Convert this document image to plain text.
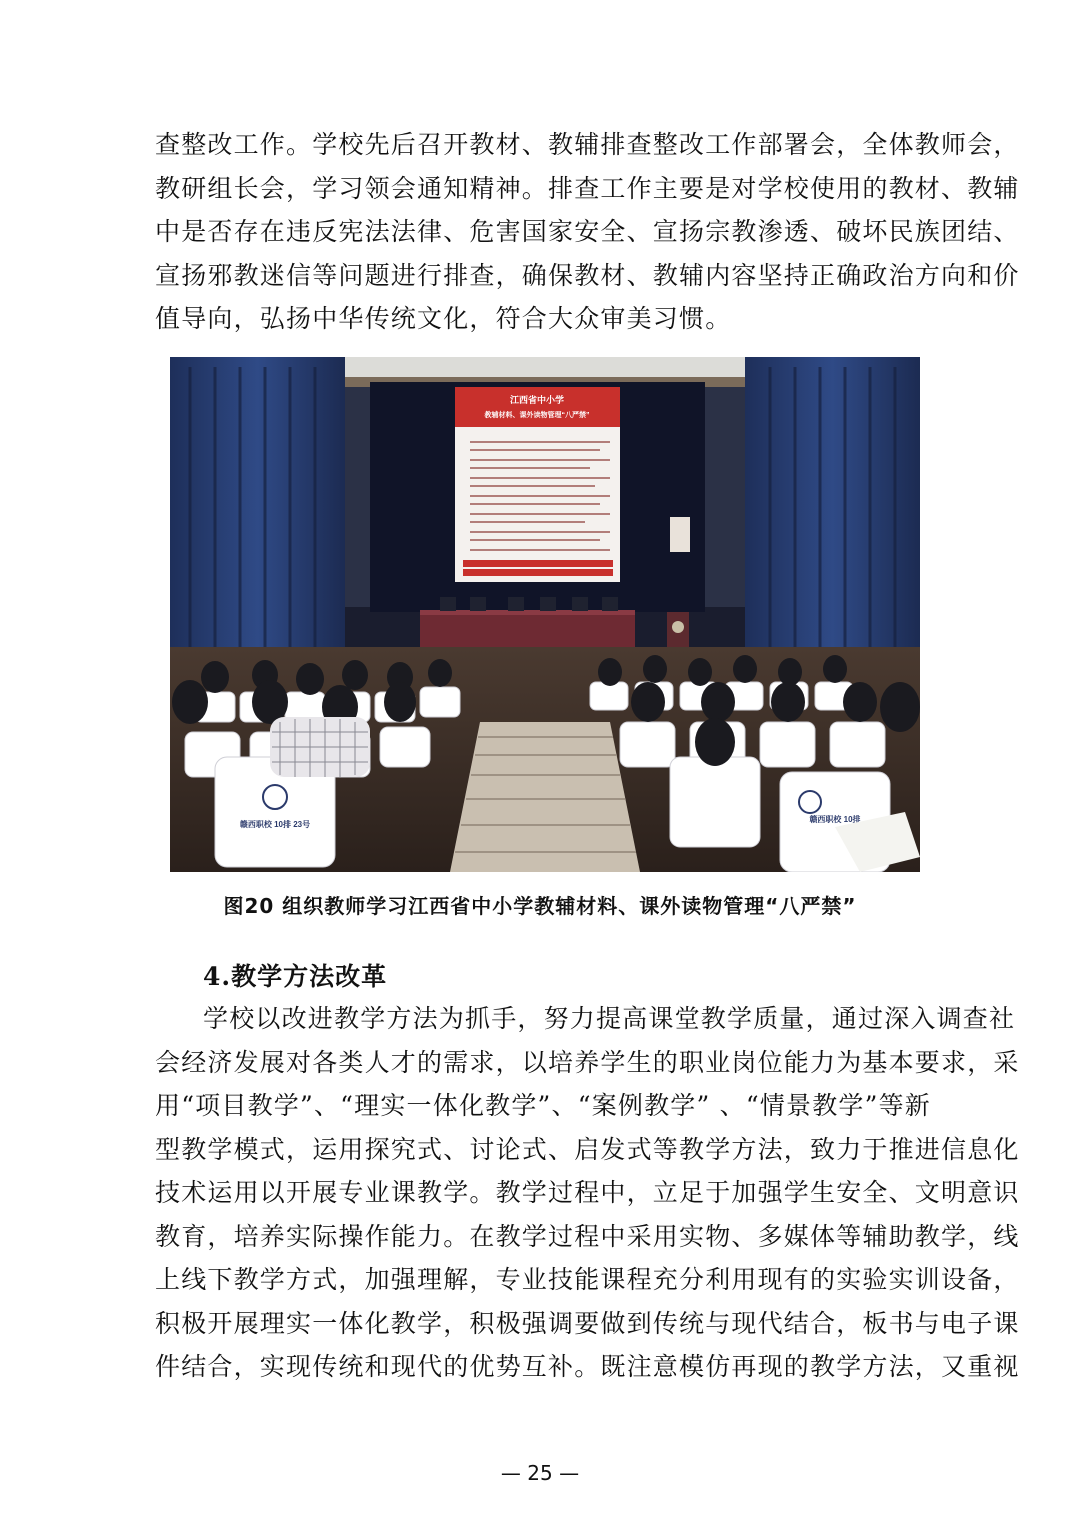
查整改工作。学校先后召开教材、教辅排查整改工作部署会，全体教师会，
教研组长会，学习领会通知精神。排查工作主要是对学校使用的教材、教辅
中是否存在违反宪法法律、危害国家安全、宣扬宗教渗透、破坏民族团结、
宣扬邪教迷信等问题进行排查，确保教材、教辅内容坚持正确政治方向和价
值导向，弘扬中华传统文化，符合大众审美习惯。
江西省中小学
教辅材料、课外读物管理“八严禁”
赣西职校 10排 23号
赣西职校 10排
图20 组织教师学习江西省中小学教辅材料、课外读物管理“八严禁”
4.教学方法改革
学校以改进教学方法为抓手，努力提高课堂教学质量，通过深入调查社
会经济发展对各类人才的需求，以培养学生的职业岗位能力为基本要求，采
用“项目教学”、“理实一体化教学”、“案例教学” 、“情景教学”等新
型教学模式，运用探究式、讨论式、启发式等教学方法，致力于推进信息化
技术运用以开展专业课教学。教学过程中，立足于加强学生安全、文明意识
教育，培养实际操作能力。在教学过程中采用实物、多媒体等辅助教学，线
上线下教学方式，加强理解，专业技能课程充分利用现有的实验实训设备，
积极开展理实一体化教学，积极强调要做到传统与现代结合，板书与电子课
件结合，实现传统和现代的优势互补。既注意模仿再现的教学方法，又重视
— 25 —
